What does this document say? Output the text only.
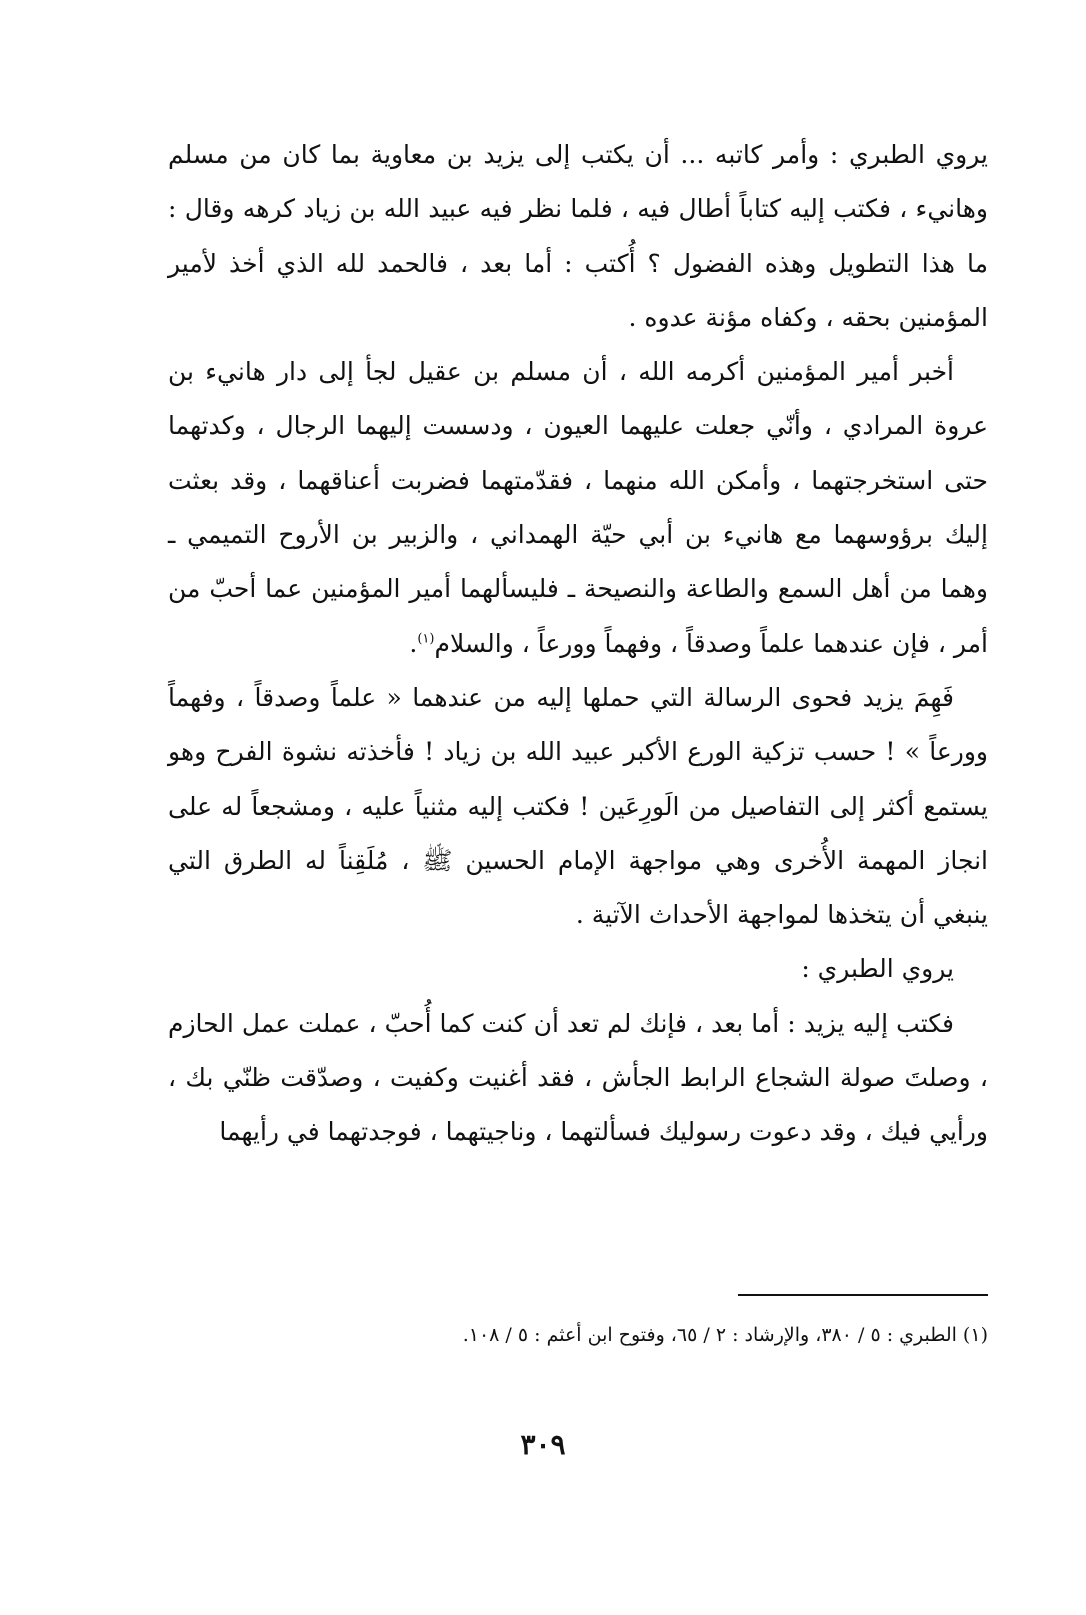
يروي الطبري : وأمر كاتبه ... أن يكتب إلى يزيد بن معاوية بما كان من مسلم وهانيء ، فكتب إليه كتاباً أطال فيه ، فلما نظر فيه عبيد الله بن زياد كرهه وقال : ما هذا التطويل وهذه الفضول ؟ أُكتب : أما بعد ، فالحمد لله الذي أخذ لأمير المؤمنين بحقه ، وكفاه مؤنة عدوه .

أخبر أمير المؤمنين أكرمه الله ، أن مسلم بن عقيل لجأ إلى دار هانيء بن عروة المرادي ، وأنّي جعلت عليهما العيون ، ودسست إليهما الرجال ، وكدتهما حتى استخرجتهما ، وأمكن الله منهما ، فقدّمتهما فضربت أعناقهما ، وقد بعثت إليك برؤوسهما مع هانيء بن أبي حيّة الهمداني ، والزبير بن الأروح التميمي ـ وهما من أهل السمع والطاعة والنصيحة ـ فليسألهما أمير المؤمنين عما أحبّ من أمر ، فإن عندهما علماً وصدقاً ، وفهماً وورعاً ، والسلام$^{(١)}$.

فَهِمَ يزيد فحوى الرسالة التي حملها إليه من عندهما « علماً وصدقاً ، وفهماً وورعاً » ! حسب تزكية الورع الأكبر عبيد الله بن زياد ! فأخذته نشوة الفرح وهو يستمع أكثر إلى التفاصيل من الَورِعَين ! فكتب إليه مثنياً عليه ، ومشجعاً له على انجاز المهمة الأُخرى وهي مواجهة الإمام الحسين ﷺ ، مُلَقِناً له الطرق التي ينبغي أن يتخذها لمواجهة الأحداث الآتية .

يروي الطبري :

فكتب إليه يزيد : أما بعد ، فإنك لم تعد أن كنت كما أُحبّ ، عملت عمل الحازم ، وصلتَ صولة الشجاع الرابط الجأش ، فقد أغنيت وكفيت ، وصدّقت ظنّي بك ، ورأيي فيك ، وقد دعوت رسوليك فسألتهما ، وناجيتهما ، فوجدتهما في رأيهما

(١) الطبري : ٥ / ٣٨٠، والإرشاد : ٢ / ٦٥، وفتوح ابن أعثم : ٥ / ١٠٨.
٣٠٩
